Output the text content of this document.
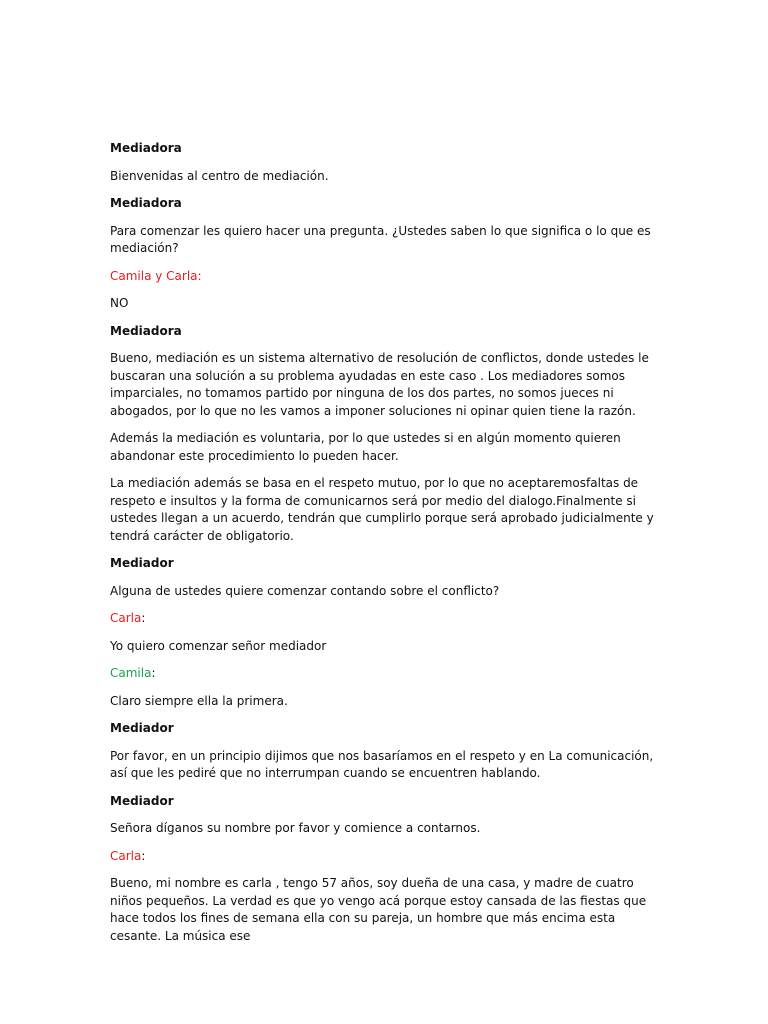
Mediadora

Bienvenidas al centro de mediación.

Mediadora

Para comenzar les quiero hacer una pregunta. ¿Ustedes saben lo que significa o lo que es mediación?

Camila y Carla:

NO

Mediadora

Bueno, mediación es un sistema alternativo de resolución de conflictos, donde ustedes le buscaran una solución a su problema ayudadas en este caso . Los mediadores somos imparciales, no tomamos partido por ninguna de los dos partes, no somos jueces ni abogados, por lo que no les vamos a imponer soluciones ni opinar quien tiene la razón.

Además la mediación es voluntaria, por lo que ustedes si en algún momento quieren abandonar este procedimiento lo pueden hacer.

La mediación además se basa en el respeto mutuo, por lo que no aceptaremosfaltas de respeto e insultos y la forma de comunicarnos será por medio del dialogo.Finalmente si ustedes llegan a un acuerdo, tendrán que cumplirlo porque será aprobado judicialmente y tendrá carácter de obligatorio.

Mediador

Alguna de ustedes quiere comenzar contando sobre el conflicto?

Carla:

Yo quiero comenzar señor mediador

Camila:

Claro siempre ella la primera.

Mediador

Por favor, en un principio dijimos que nos basaríamos en el respeto y en La comunicación, así que les pediré que no interrumpan cuando se encuentren hablando.

Mediador

Señora díganos su nombre por favor y comience a contarnos.

Carla:

Bueno, mi nombre es carla , tengo 57 años, soy dueña de una casa, y madre de cuatro niños pequeños. La verdad es que yo vengo acá porque estoy cansada de las fiestas que hace todos los fines de semana ella con su pareja, un hombre que más encima esta cesante. La música ese
